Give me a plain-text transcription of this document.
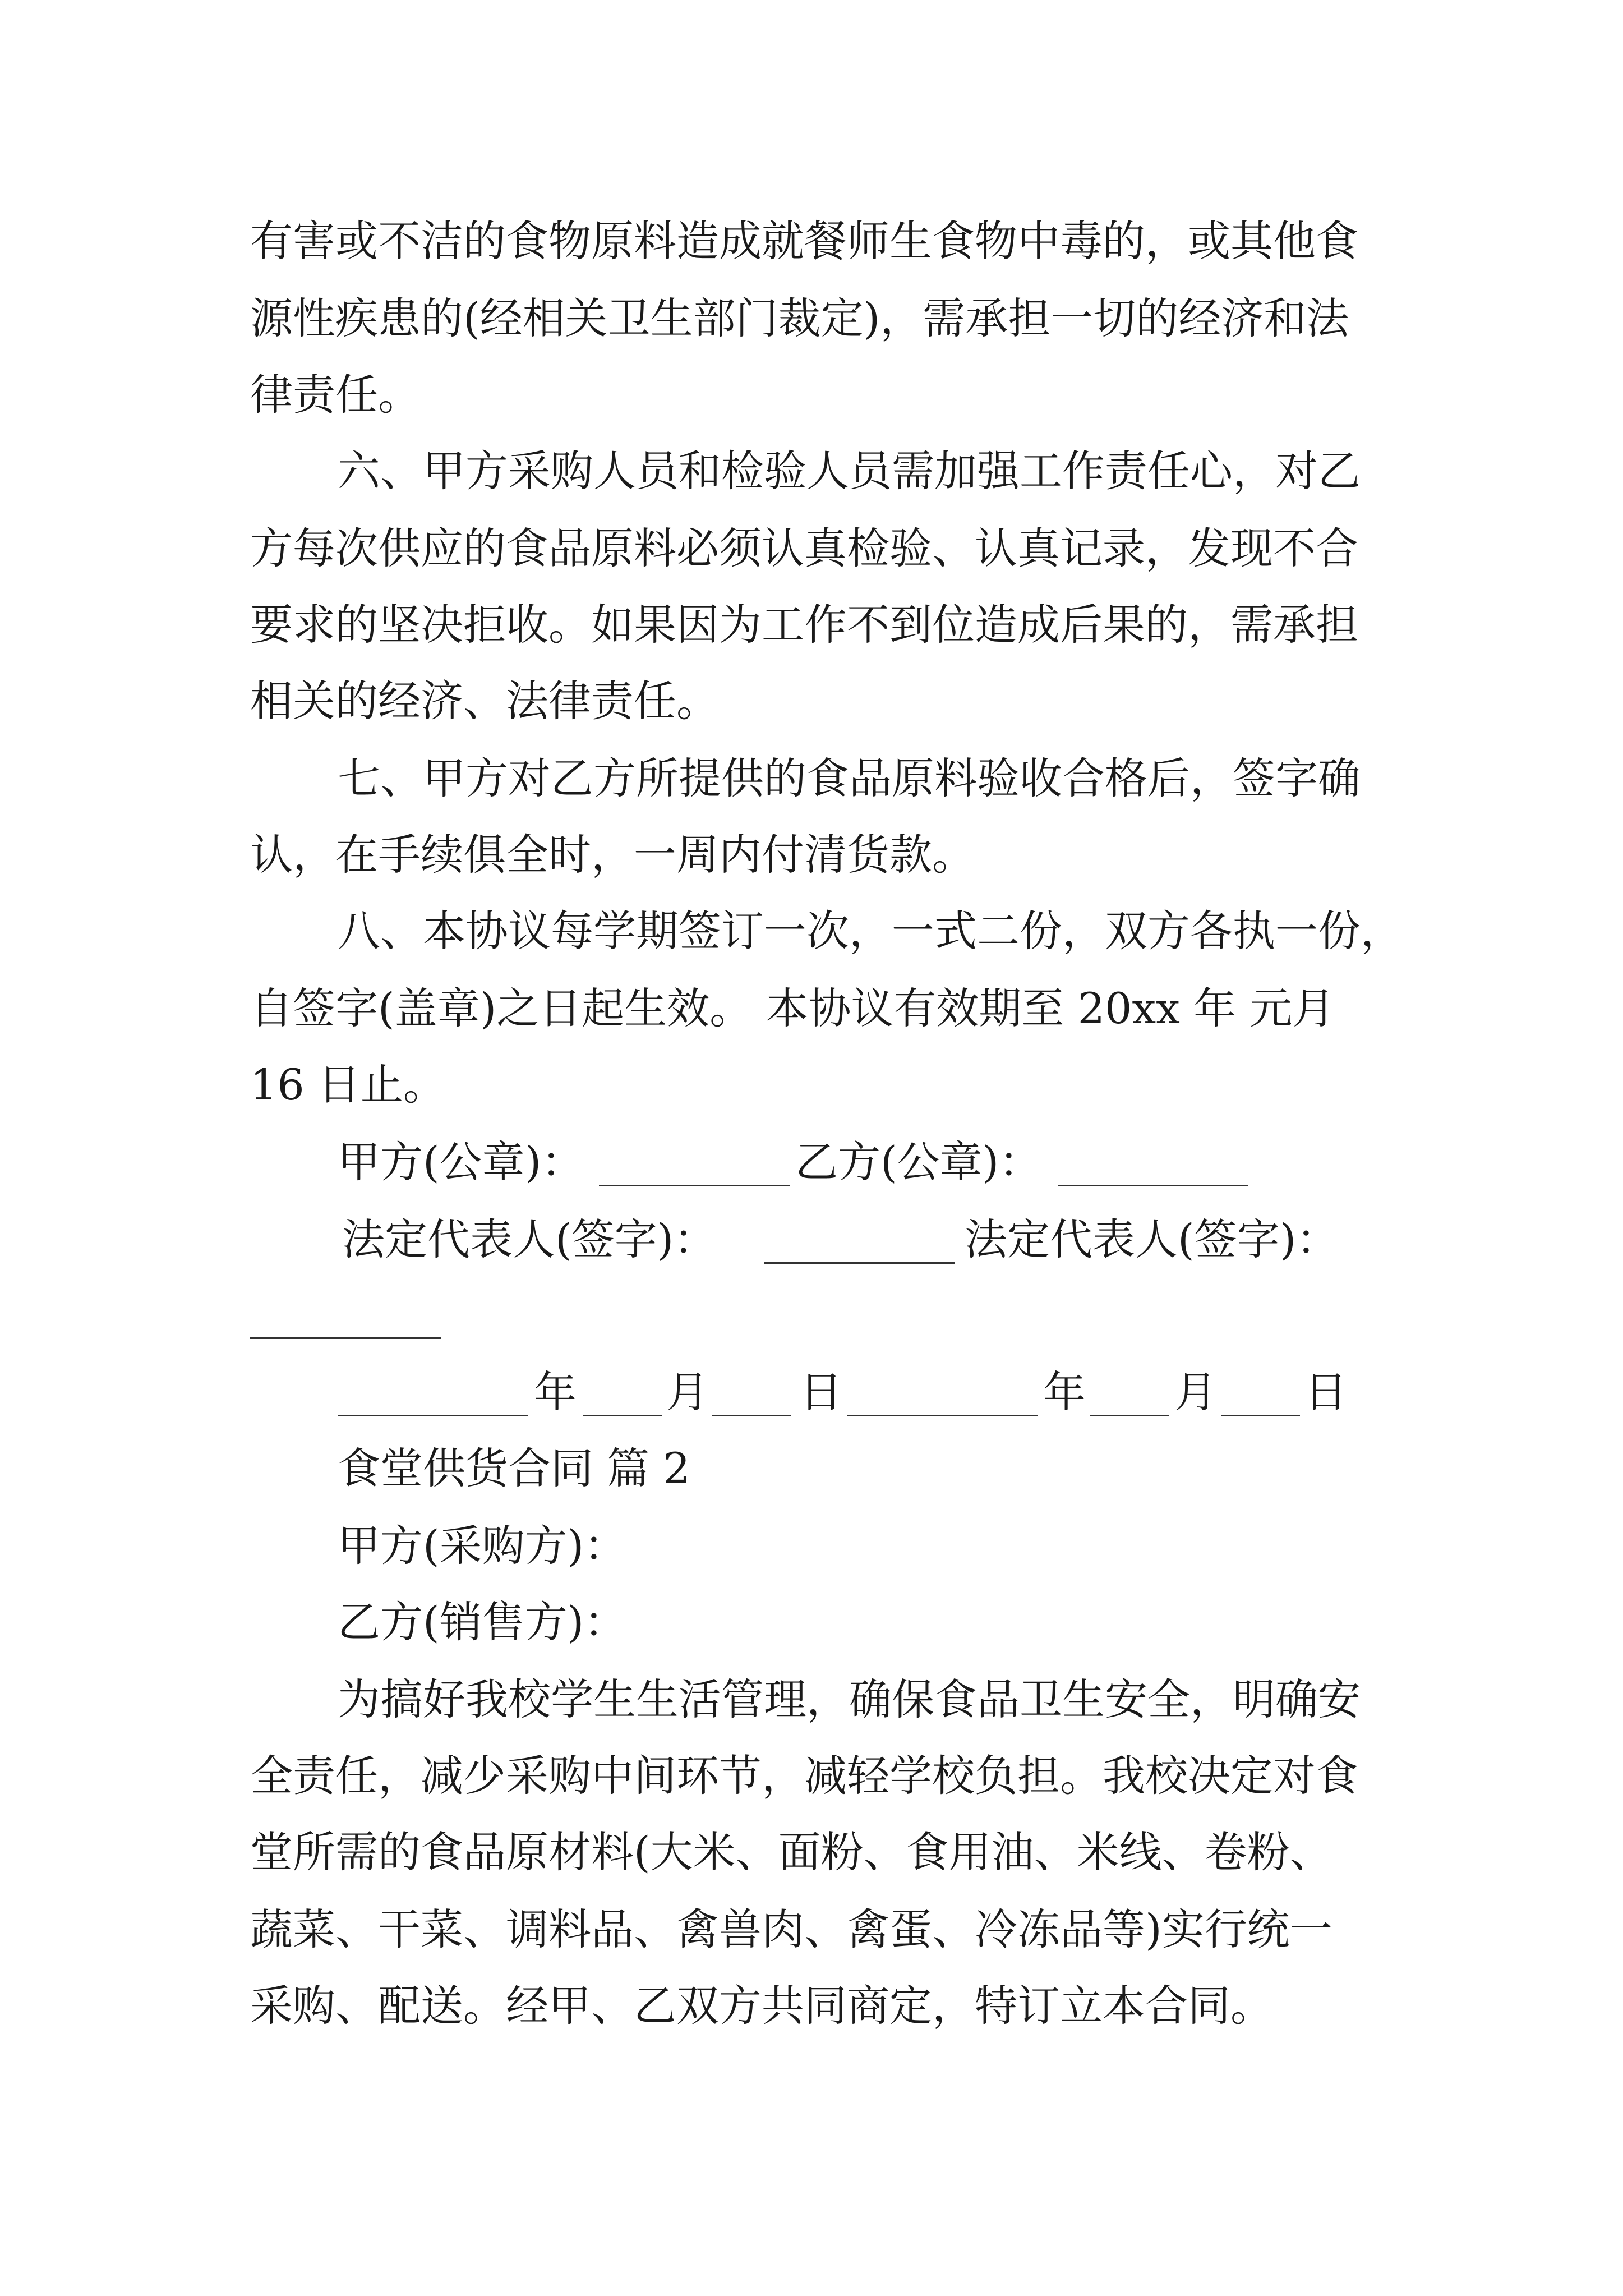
有害或不洁的食物原料造成就餐师生食物中毒的，或其他食
源性疾患的(经相关卫生部门裁定)，需承担一切的经济和法
律责任。
六、甲方采购人员和检验人员需加强工作责任心，对乙
方每次供应的食品原料必须认真检验、认真记录，发现不合
要求的坚决拒收。如果因为工作不到位造成后果的，需承担
相关的经济、法律责任。
七、甲方对乙方所提供的食品原料验收合格后，签字确
认，在手续俱全时，一周内付清货款。
八、本协议每学期签订一次，一式二份，双方各执一份，
自签字(盖章)之日起生效。 本协议有效期至 20xx 年 元月
16 日止。
甲方(公章)：	乙方(公章)：
法定代表人(签字)：	法定代表人(签字)：
年 月 日	年 月 日
食堂供货合同 篇 2
甲方(采购方)：
乙方(销售方)：
为搞好我校学生生活管理，确保食品卫生安全，明确安
全责任，减少采购中间环节，减轻学校负担。我校决定对食
堂所需的食品原材料(大米、面粉、食用油、米线、卷粉、
蔬菜、干菜、调料品、禽兽肉、禽蛋、冷冻品等)实行统一
采购、配送。经甲、乙双方共同商定，特订立本合同。
